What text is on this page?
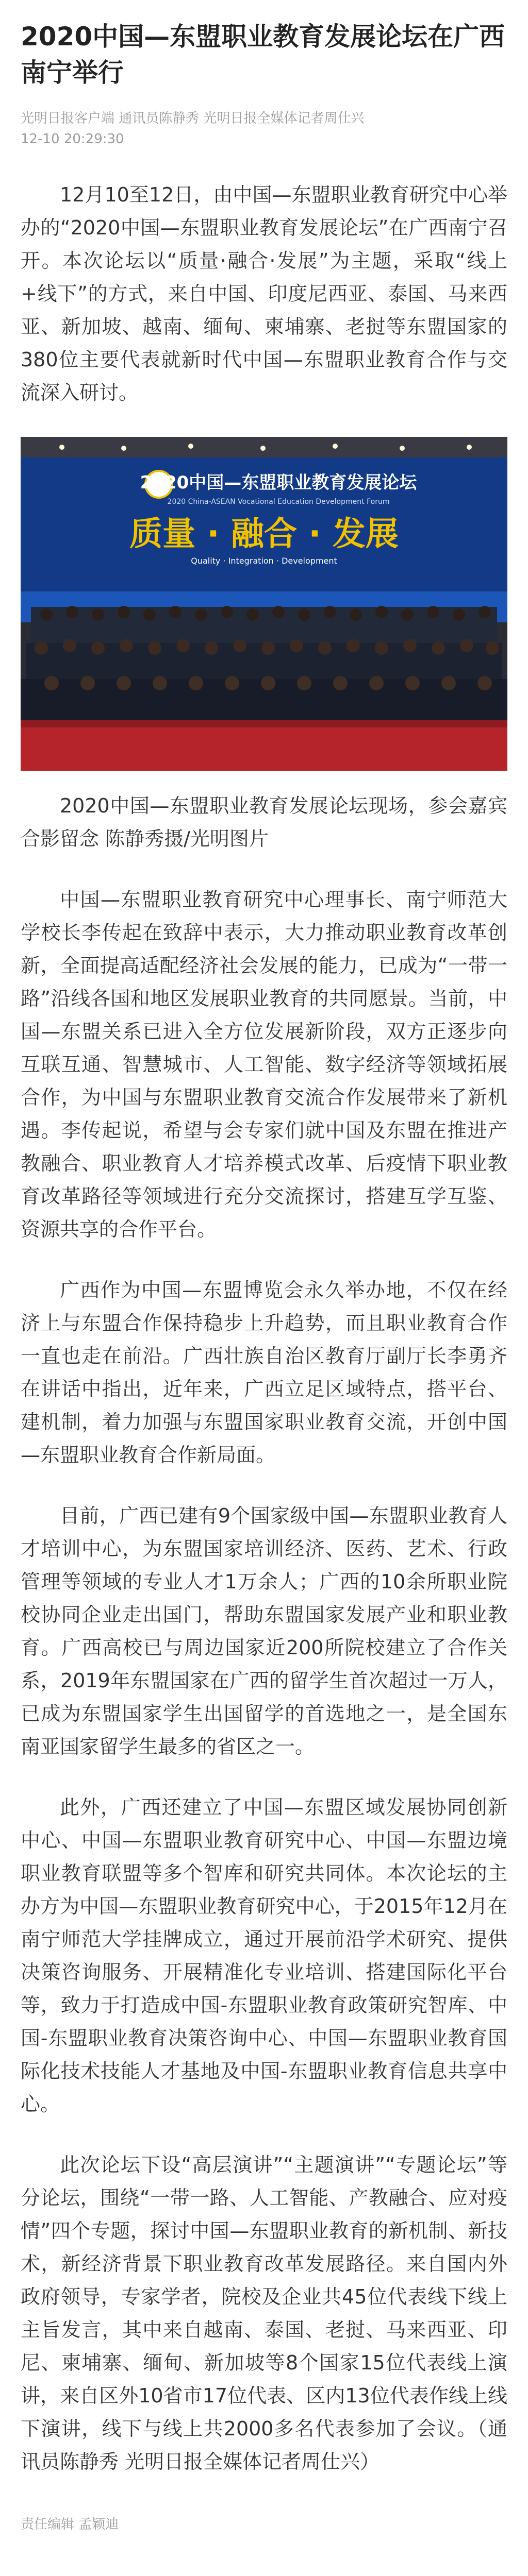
2020中国—东盟职业教育发展论坛在广西南宁举行
光明日报客户端 通讯员陈静秀 光明日报全媒体记者周仕兴
12-10 20:29:30

12月10至12日，由中国—东盟职业教育研究中心举办的“2020中国—东盟职业教育发展论坛”在广西南宁召开。本次论坛以“质量·融合·发展”为主题，采取“线上+线下”的方式，来自中国、印度尼西亚、泰国、马来西亚、新加坡、越南、缅甸、柬埔寨、老挝等东盟国家的380位主要代表就新时代中国—东盟职业教育合作与交流深入研讨。

2020中国—东盟职业教育发展论坛
2020 China-ASEAN Vocational Education Development Forum
质量 · 融合 · 发展
Quality · Integration · Development

2020中国—东盟职业教育发展论坛现场，参会嘉宾合影留念 陈静秀摄/光明图片

中国—东盟职业教育研究中心理事长、南宁师范大学校长李传起在致辞中表示，大力推动职业教育改革创新，全面提高适配经济社会发展的能力，已成为“一带一路”沿线各国和地区发展职业教育的共同愿景。当前，中国—东盟关系已进入全方位发展新阶段，双方正逐步向互联互通、智慧城市、人工智能、数字经济等领域拓展合作，为中国与东盟职业教育交流合作发展带来了新机遇。李传起说，希望与会专家们就中国及东盟在推进产教融合、职业教育人才培养模式改革、后疫情下职业教育改革路径等领域进行充分交流探讨，搭建互学互鉴、资源共享的合作平台。

广西作为中国—东盟博览会永久举办地，不仅在经济上与东盟合作保持稳步上升趋势，而且职业教育合作一直也走在前沿。广西壮族自治区教育厅副厅长李勇齐在讲话中指出，近年来，广西立足区域特点，搭平台、建机制，着力加强与东盟国家职业教育交流，开创中国—东盟职业教育合作新局面。

目前，广西已建有9个国家级中国—东盟职业教育人才培训中心，为东盟国家培训经济、医药、艺术、行政管理等领域的专业人才1万余人；广西的10余所职业院校协同企业走出国门，帮助东盟国家发展产业和职业教育。广西高校已与周边国家近200所院校建立了合作关系，2019年东盟国家在广西的留学生首次超过一万人，已成为东盟国家学生出国留学的首选地之一，是全国东南亚国家留学生最多的省区之一。

此外，广西还建立了中国—东盟区域发展协同创新中心、中国—东盟职业教育研究中心、中国—东盟边境职业教育联盟等多个智库和研究共同体。本次论坛的主办方为中国—东盟职业教育研究中心，于2015年12月在南宁师范大学挂牌成立，通过开展前沿学术研究、提供决策咨询服务、开展精准化专业培训、搭建国际化平台等，致力于打造成中国-东盟职业教育政策研究智库、中国-东盟职业教育决策咨询中心、中国—东盟职业教育国际化技术技能人才基地及中国-东盟职业教育信息共享中心。

此次论坛下设“高层演讲”“主题演讲”“专题论坛”等分论坛，围绕“一带一路、人工智能、产教融合、应对疫情”四个专题，探讨中国—东盟职业教育的新机制、新技术，新经济背景下职业教育改革发展路径。来自国内外政府领导，专家学者，院校及企业共45位代表线下线上主旨发言，其中来自越南、泰国、老挝、马来西亚、印尼、柬埔寨、缅甸、新加坡等8个国家15位代表线上演讲，来自区外10省市17位代表、区内13位代表作线上线下演讲，线下与线上共2000多名代表参加了会议。（通讯员陈静秀 光明日报全媒体记者周仕兴）

责任编辑 孟颖迪
